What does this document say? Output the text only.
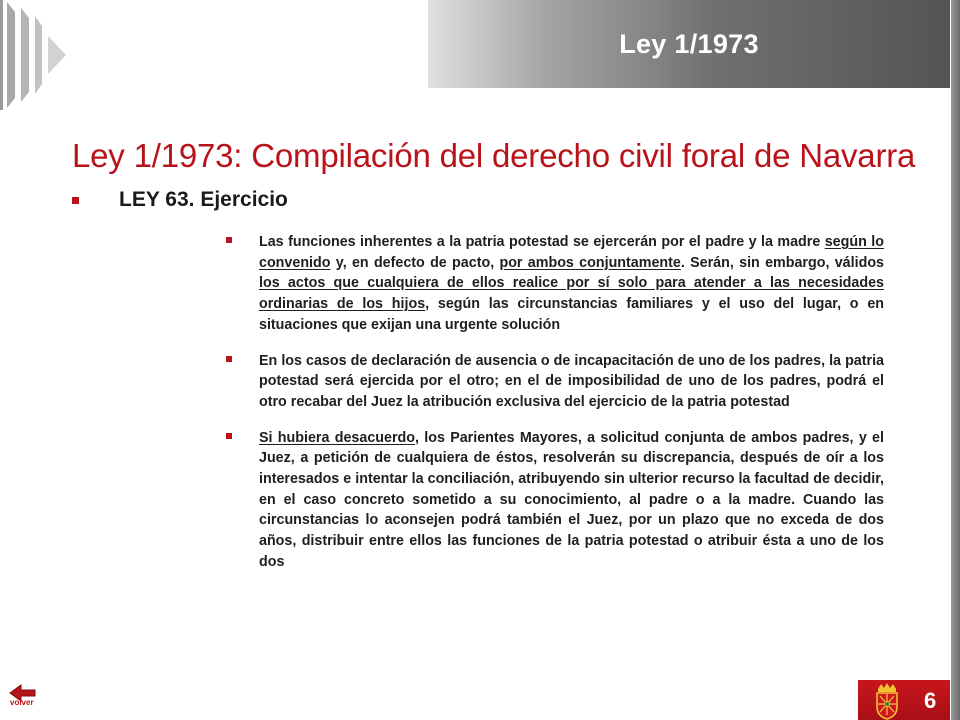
Ley 1/1973
Ley 1/1973: Compilación del derecho civil foral de Navarra
LEY 63. Ejercicio

Las funciones inherentes a la patria potestad se ejercerán por el padre y la madre según lo convenido y, en defecto de pacto, por ambos conjuntamente. Serán, sin embargo, válidos los actos que cualquiera de ellos realice por sí solo para atender a las necesidades ordinarias de los hijos, según las circunstancias familiares y el uso del lugar, o en situaciones que exijan una urgente solución

En los casos de declaración de ausencia o de incapacitación de uno de los padres, la patria potestad será ejercida por el otro; en el de imposibilidad de uno de los padres, podrá el otro recabar del Juez la atribución exclusiva del ejercicio de la patria potestad

Si hubiera desacuerdo, los Parientes Mayores, a solicitud conjunta de ambos padres, y el Juez, a petición de cualquiera de éstos, resolverán su discrepancia, después de oír a los interesados e intentar la conciliación, atribuyendo sin ulterior recurso la facultad de decidir, en el caso concreto sometido a su conocimiento, al padre o a la madre. Cuando las circunstancias lo aconsejen podrá también el Juez, por un plazo que no exceda de dos años, distribuir entre ellos las funciones de la patria potestad o atribuir ésta a uno de los dos

volver	6
